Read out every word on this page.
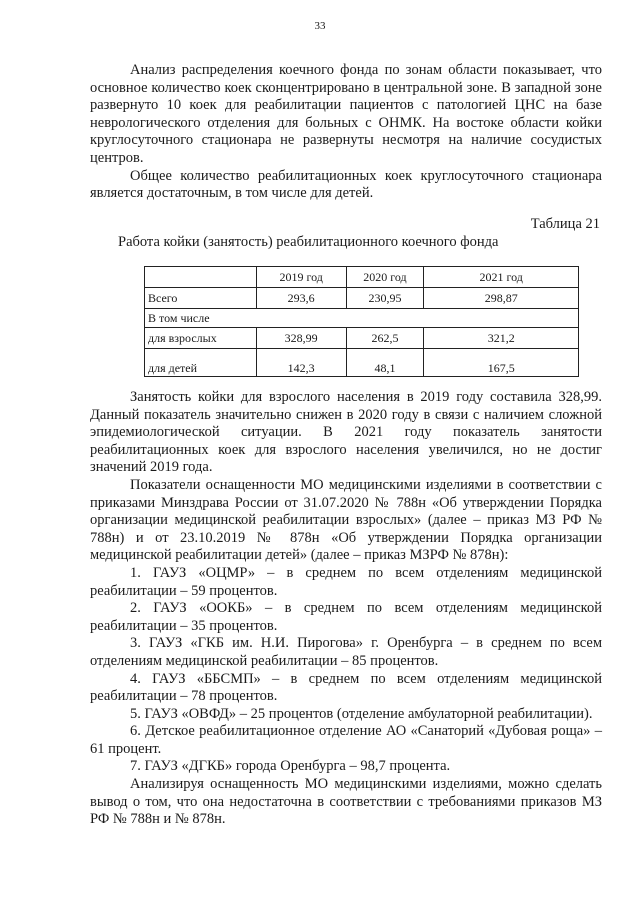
33

Анализ распределения коечного фонда по зонам области показывает, что основное количество коек сконцентрировано в центральной зоне. В западной зоне развернуто 10 коек для реабилитации пациентов с патологией ЦНС на базе неврологического отделения для больных с ОНМК. На востоке области койки круглосуточного стационара не развернуты несмотря на наличие сосудистых центров.

Общее количество реабилитационных коек круглосуточного стационара является достаточным, в том числе для детей.

Таблица 21
Работа койки (занятость) реабилитационного коечного фонда
	2019 год	2020 год	2021 год
Всего	293,6	230,95	298,87
В том числе			
для взрослых	328,99	262,5	321,2
для детей	142,3	48,1	167,5

Занятость койки для взрослого населения в 2019 году составила 328,99. Данный показатель значительно снижен в 2020 году в связи с наличием сложной эпидемиологической ситуации. В 2021 году показатель занятости реабилитационных коек для взрослого населения увеличился, но не достиг значений 2019 года.

Показатели оснащенности МО медицинскими изделиями в соответствии с приказами Минздрава России от 31.07.2020 № 788н «Об утверждении Порядка организации медицинской реабилитации взрослых» (далее – приказ МЗ РФ № 788н) и от 23.10.2019 № 878н «Об утверждении Порядка организации медицинской реабилитации детей» (далее – приказ МЗРФ № 878н):

1. ГАУЗ «ОЦМР» – в среднем по всем отделениям медицинской реабилитации – 59 процентов.

2. ГАУЗ «ООКБ» – в среднем по всем отделениям медицинской реабилитации – 35 процентов.

3. ГАУЗ «ГКБ им. Н.И. Пирогова» г. Оренбурга – в среднем по всем отделениям медицинской реабилитации – 85 процентов.

4. ГАУЗ «ББСМП» – в среднем по всем отделениям медицинской реабилитации – 78 процентов.

5. ГАУЗ «ОВФД» – 25 процентов (отделение амбулаторной реабилитации).

6. Детское реабилитационное отделение АО «Санаторий «Дубовая роща» – 61 процент.

7. ГАУЗ «ДГКБ» города Оренбурга – 98,7 процента.

Анализируя оснащенность МО медицинскими изделиями, можно сделать вывод о том, что она недостаточна в соответствии с требованиями приказов МЗ РФ № 788н и № 878н.
